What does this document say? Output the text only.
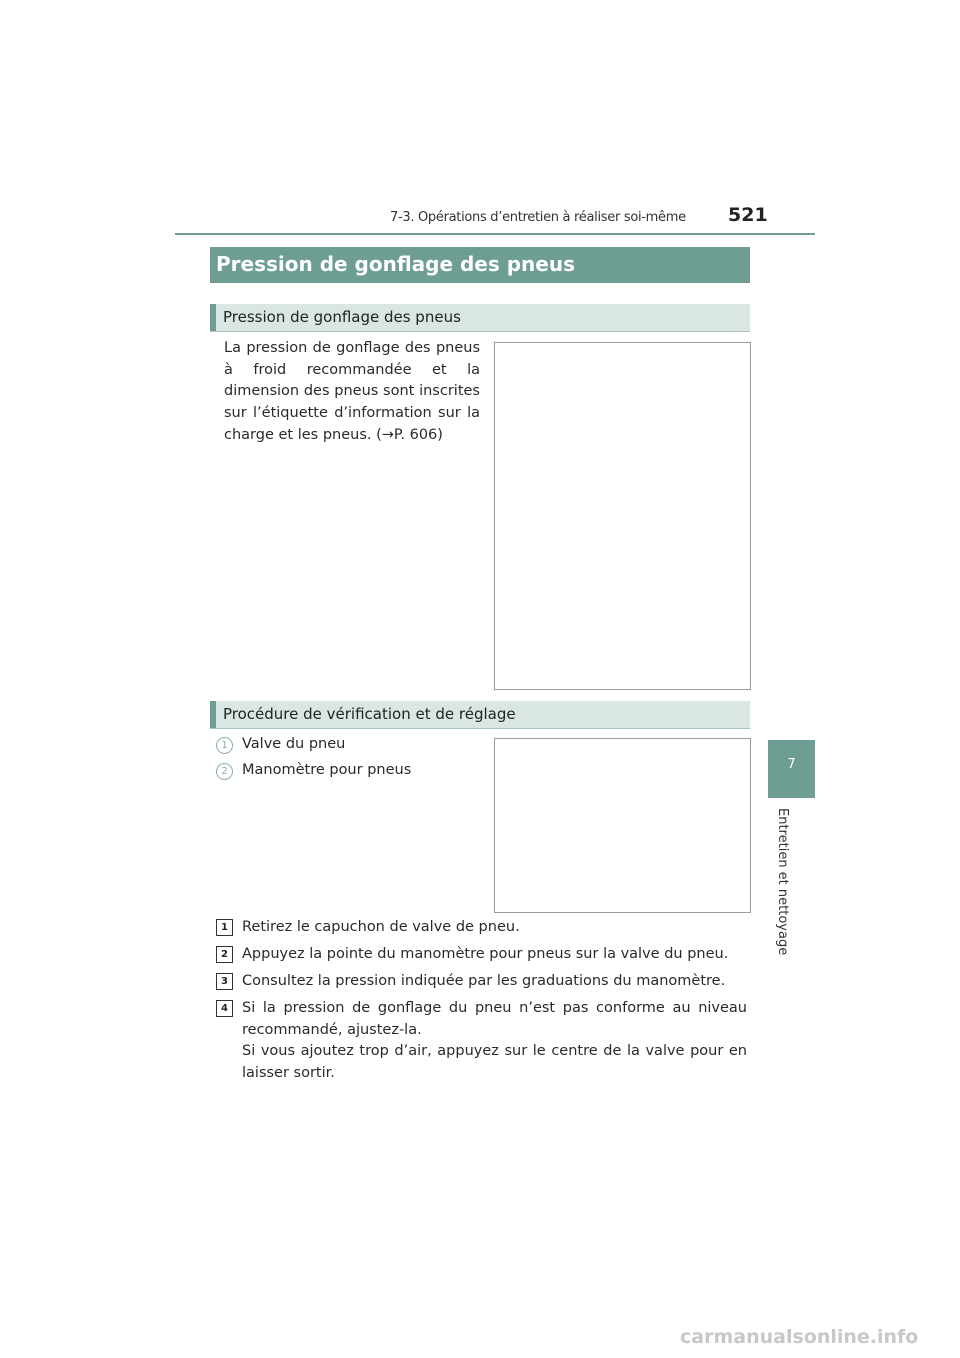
7-3. Opérations d’entretien à réaliser soi-même 521
7
Entretien et nettoyage
Pression de gonflage des pneus
Pression de gonflage des pneus
La pression de gonflage des pneus à froid recommandée et la dimension des pneus sont inscrites sur l’étiquette d’information sur la charge et les pneus. (→P. 606)
Procédure de vérification et de réglage
1 Valve du pneu
2 Manomètre pour pneus
1 Retirez le capuchon de valve de pneu.
2 Appuyez la pointe du manomètre pour pneus sur la valve du pneu.
3 Consultez la pression indiquée par les graduations du manomètre.
4 Si la pression de gonflage du pneu n’est pas conforme au niveau recommandé, ajustez-la.
Si vous ajoutez trop d’air, appuyez sur le centre de la valve pour en laisser sortir.
carmanualsonline.info
